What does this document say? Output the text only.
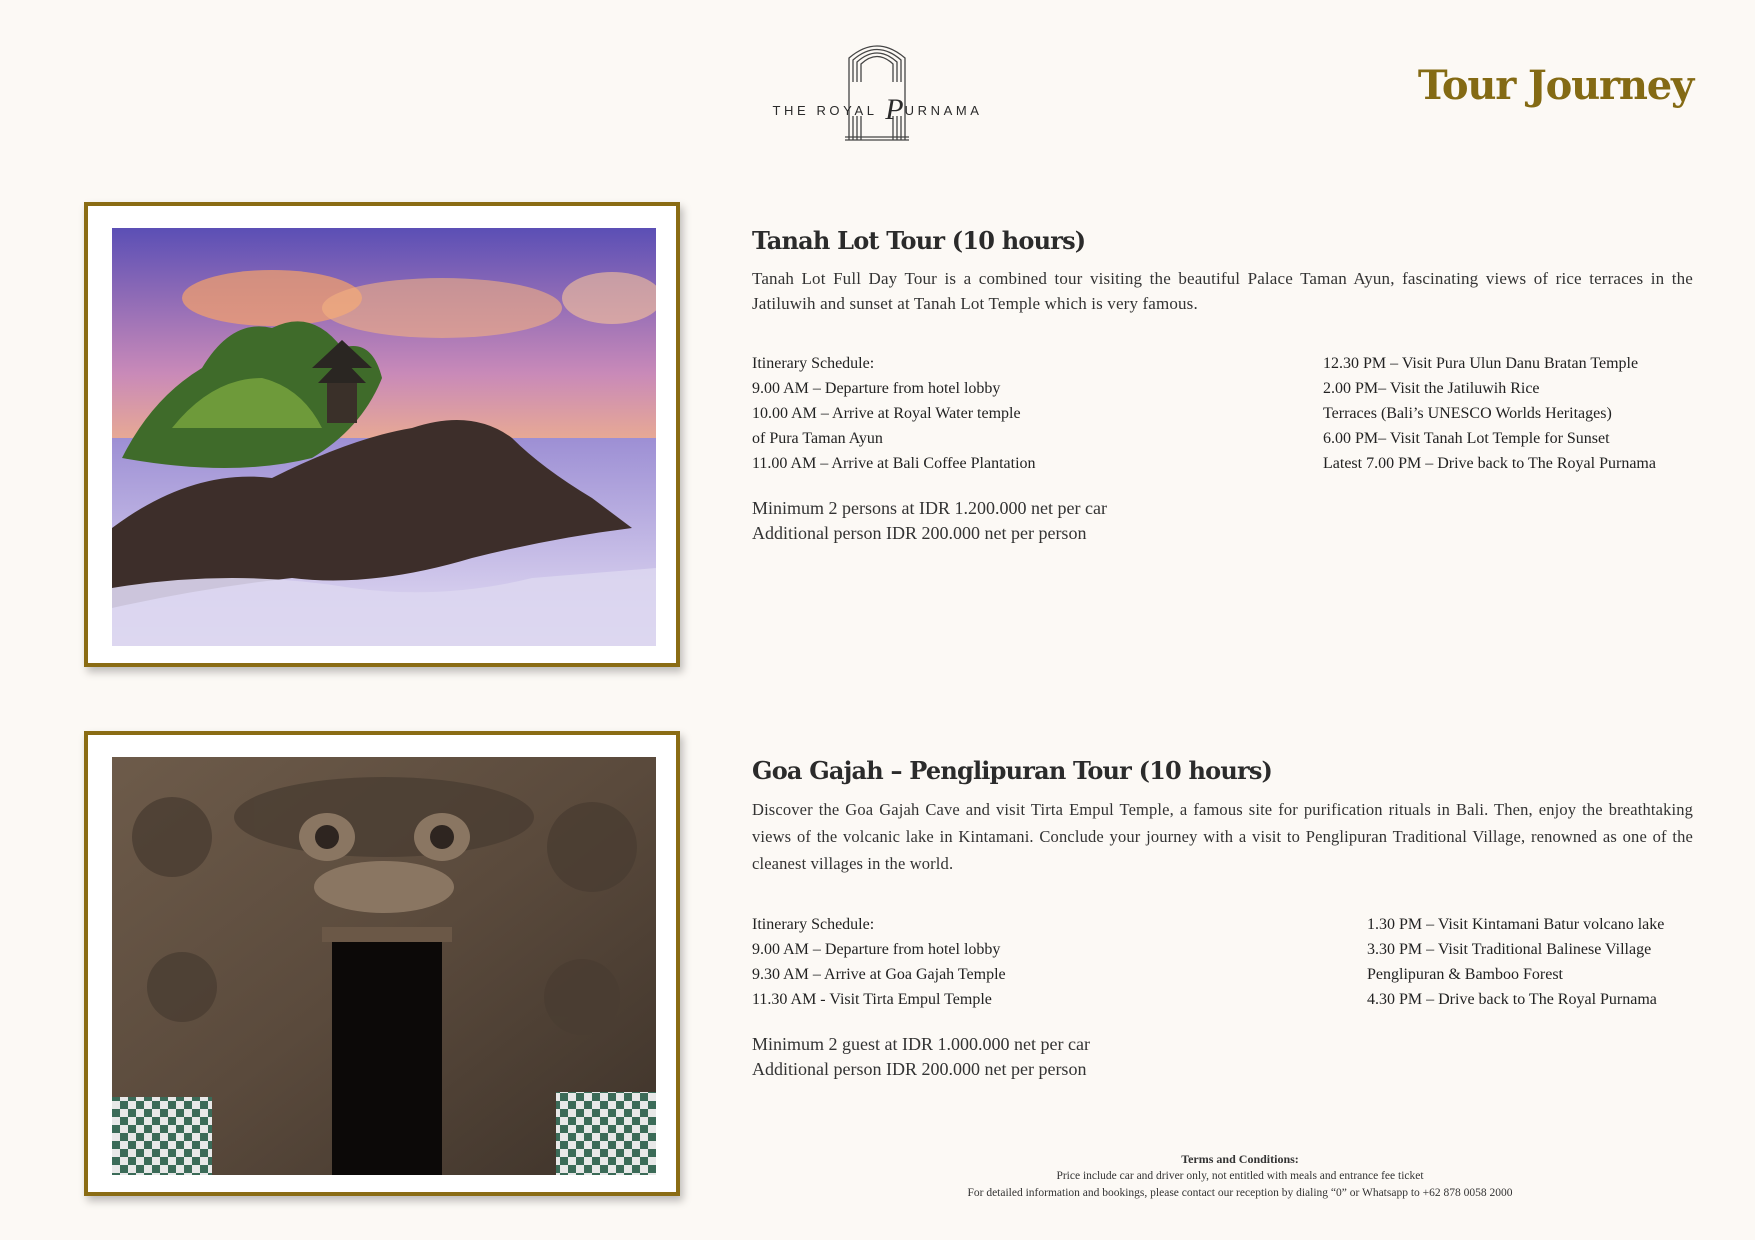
THE ROYAL PURNAMA
Tour Journey
Tanah Lot Tour (10 hours)

Tanah Lot Full Day Tour is a combined tour visiting the beautiful Palace Taman Ayun, fascinating views of rice terraces in the Jatiluwih and sunset at Tanah Lot Temple which is very famous.

Itinerary Schedule:
9.00 AM – Departure from hotel lobby
10.00 AM – Arrive at Royal Water temple
of Pura Taman Ayun
11.00 AM – Arrive at Bali Coffee Plantation
12.30 PM – Visit Pura Ulun Danu Bratan Temple
2.00 PM– Visit the Jatiluwih Rice
Terraces (Bali’s UNESCO Worlds Heritages)
6.00 PM– Visit Tanah Lot Temple for Sunset
Latest 7.00 PM – Drive back to The Royal Purnama
Minimum 2 persons at IDR 1.200.000 net per car
Additional person IDR 200.000 net per person
Goa Gajah – Penglipuran Tour (10 hours)

Discover the Goa Gajah Cave and visit Tirta Empul Temple, a famous site for purification rituals in Bali. Then, enjoy the breathtaking views of the volcanic lake in Kintamani. Conclude your journey with a visit to Penglipuran Traditional Village, renowned as one of the cleanest villages in the world.

Itinerary Schedule:
9.00 AM – Departure from hotel lobby
9.30 AM – Arrive at Goa Gajah Temple
11.30 AM - Visit Tirta Empul Temple
1.30 PM – Visit Kintamani Batur volcano lake
3.30 PM – Visit Traditional Balinese Village
Penglipuran & Bamboo Forest
4.30 PM – Drive back to The Royal Purnama
Minimum 2 guest at IDR 1.000.000 net per car
Additional person IDR 200.000 net per person
Terms and Conditions:
Price include car and driver only, not entitled with meals and entrance fee ticket
For detailed information and bookings, please contact our reception by dialing “0” or Whatsapp to +62 878 0058 2000
